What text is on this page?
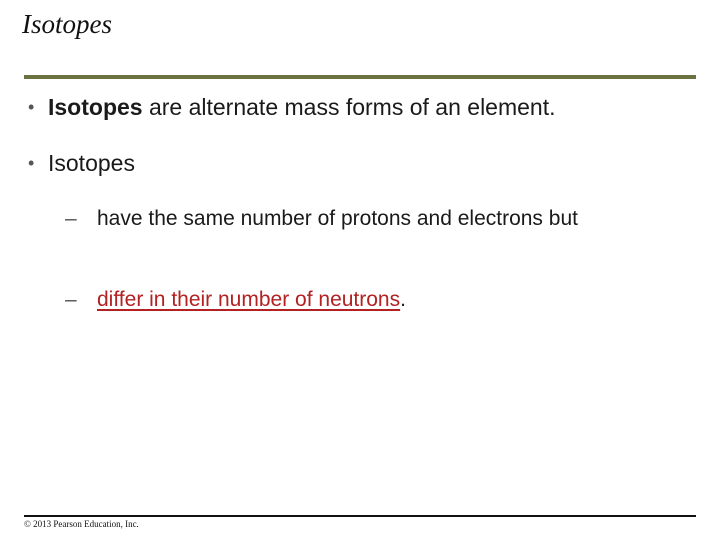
Isotopes
• Isotopes are alternate mass forms of an element.
• Isotopes
– have the same number of protons and electrons but
– differ in their number of neutrons.
© 2013 Pearson Education, Inc.
